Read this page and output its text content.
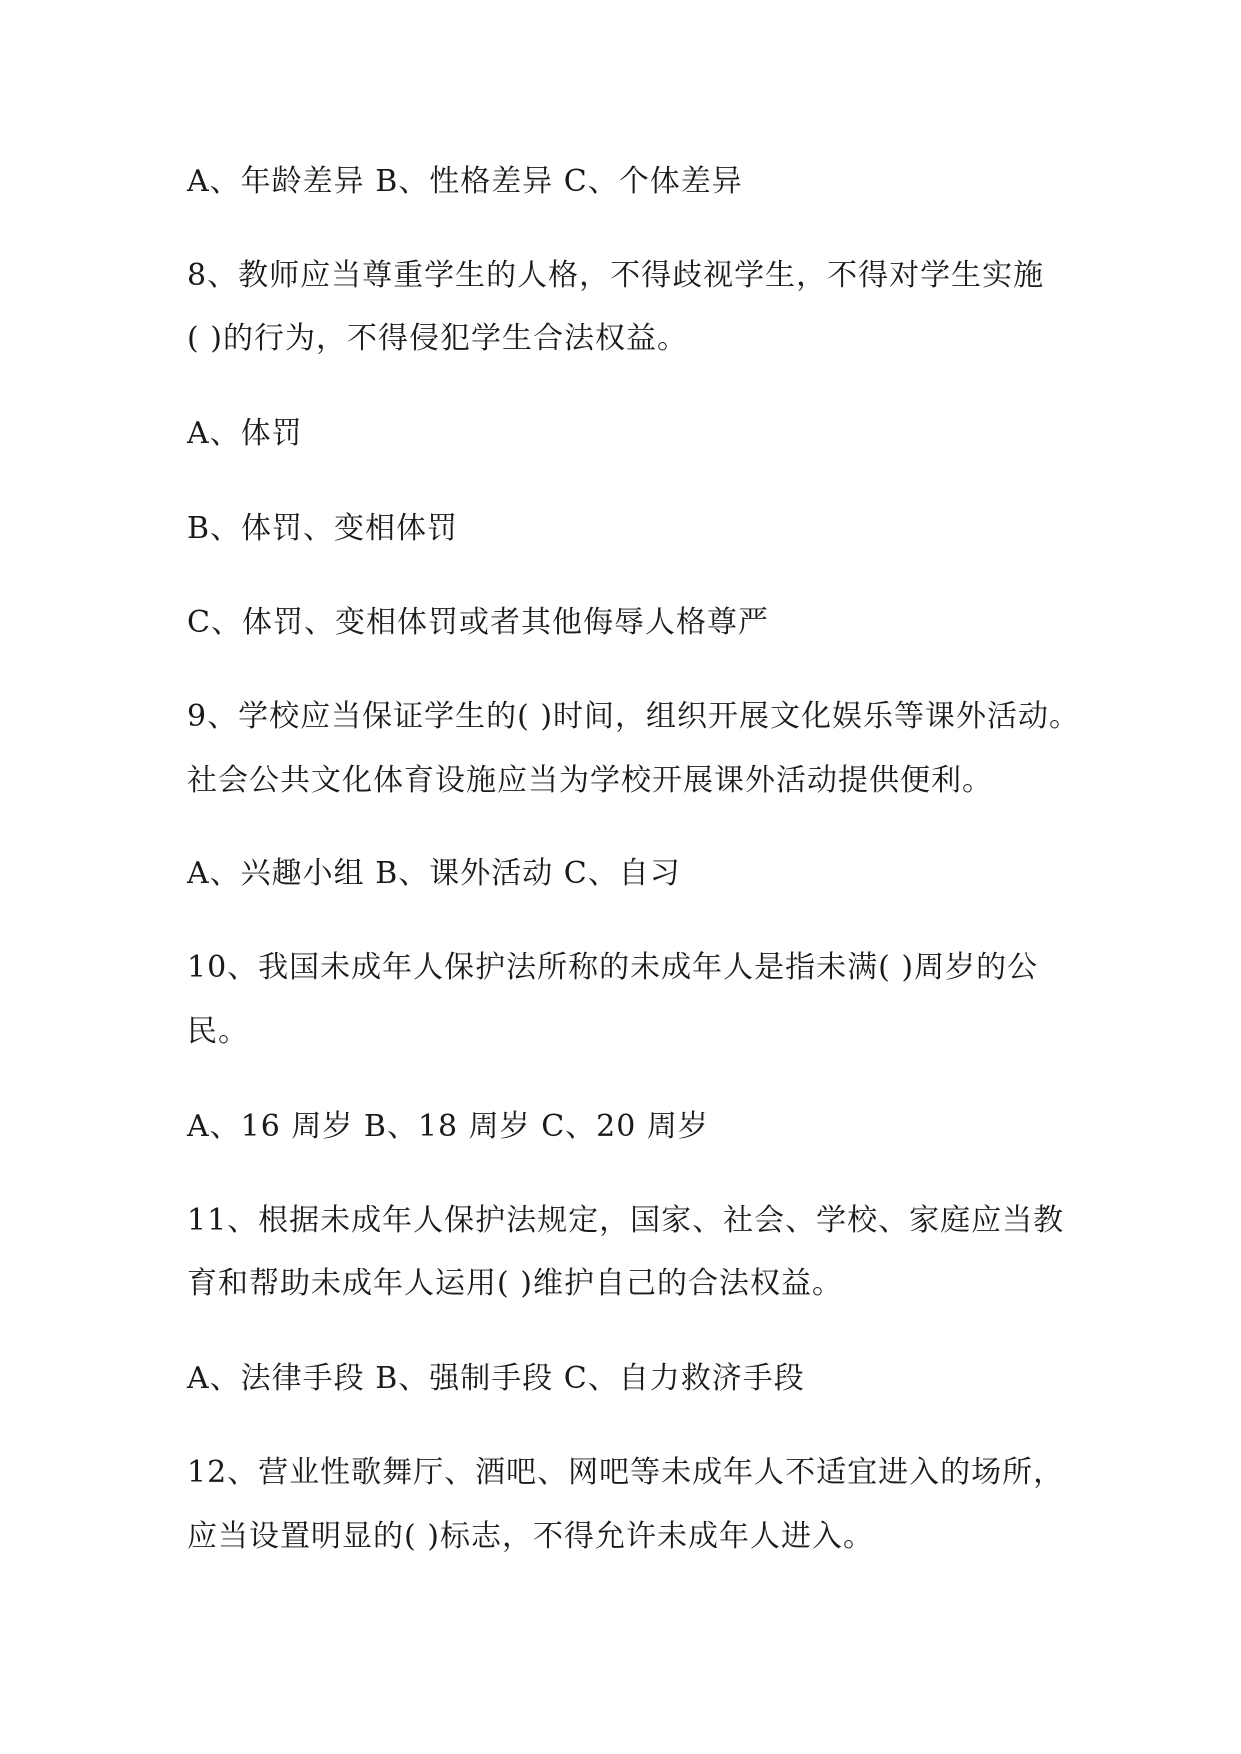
A、年龄差异 B、性格差异 C、个体差异
8、教师应当尊重学生的人格，不得歧视学生，不得对学生实施
( )的行为，不得侵犯学生合法权益。
A、体罚
B、体罚、变相体罚
C、体罚、变相体罚或者其他侮辱人格尊严
9、学校应当保证学生的( )时间，组织开展文化娱乐等课外活动。
社会公共文化体育设施应当为学校开展课外活动提供便利。
A、兴趣小组 B、课外活动 C、自习
10、我国未成年人保护法所称的未成年人是指未满( )周岁的公
民。
A、16 周岁 B、18 周岁 C、20 周岁
11、根据未成年人保护法规定，国家、社会、学校、家庭应当教
育和帮助未成年人运用( )维护自己的合法权益。
A、法律手段 B、强制手段 C、自力救济手段
12、营业性歌舞厅、酒吧、网吧等未成年人不适宜进入的场所，
应当设置明显的( )标志，不得允许未成年人进入。
